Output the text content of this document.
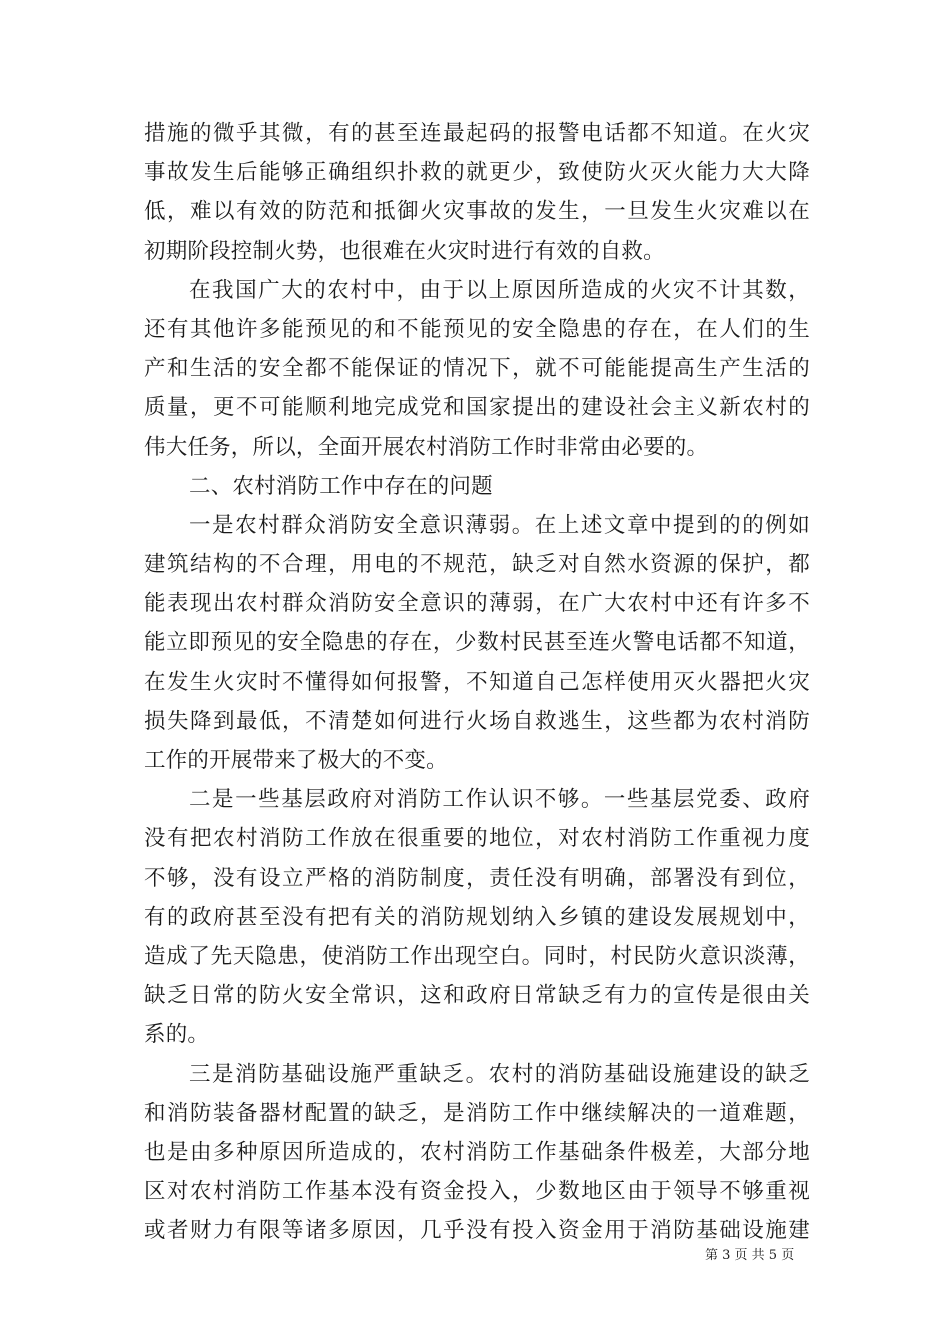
措施的微乎其微，有的甚至连最起码的报警电话都不知道。在火灾
事故发生后能够正确组织扑救的就更少，致使防火灭火能力大大降
低，难以有效的防范和抵御火灾事故的发生，一旦发生火灾难以在
初期阶段控制火势，也很难在火灾时进行有效的自救。
在我国广大的农村中，由于以上原因所造成的火灾不计其数，
还有其他许多能预见的和不能预见的安全隐患的存在，在人们的生
产和生活的安全都不能保证的情况下，就不可能能提高生产生活的
质量，更不可能顺利地完成党和国家提出的建设社会主义新农村的
伟大任务，所以，全面开展农村消防工作时非常由必要的。
二、农村消防工作中存在的问题
一是农村群众消防安全意识薄弱。在上述文章中提到的的例如
建筑结构的不合理，用电的不规范，缺乏对自然水资源的保护，都
能表现出农村群众消防安全意识的薄弱，在广大农村中还有许多不
能立即预见的安全隐患的存在，少数村民甚至连火警电话都不知道，
在发生火灾时不懂得如何报警，不知道自己怎样使用灭火器把火灾
损失降到最低，不清楚如何进行火场自救逃生，这些都为农村消防
工作的开展带来了极大的不变。
二是一些基层政府对消防工作认识不够。一些基层党委、政府
没有把农村消防工作放在很重要的地位，对农村消防工作重视力度
不够，没有设立严格的消防制度，责任没有明确，部署没有到位，
有的政府甚至没有把有关的消防规划纳入乡镇的建设发展规划中，
造成了先天隐患，使消防工作出现空白。同时，村民防火意识淡薄，
缺乏日常的防火安全常识，这和政府日常缺乏有力的宣传是很由关
系的。
三是消防基础设施严重缺乏。农村的消防基础设施建设的缺乏
和消防装备器材配置的缺乏，是消防工作中继续解决的一道难题，
也是由多种原因所造成的，农村消防工作基础条件极差，大部分地
区对农村消防工作基本没有资金投入，少数地区由于领导不够重视
或者财力有限等诸多原因，几乎没有投入资金用于消防基础设施建
第 3 页 共 5 页
